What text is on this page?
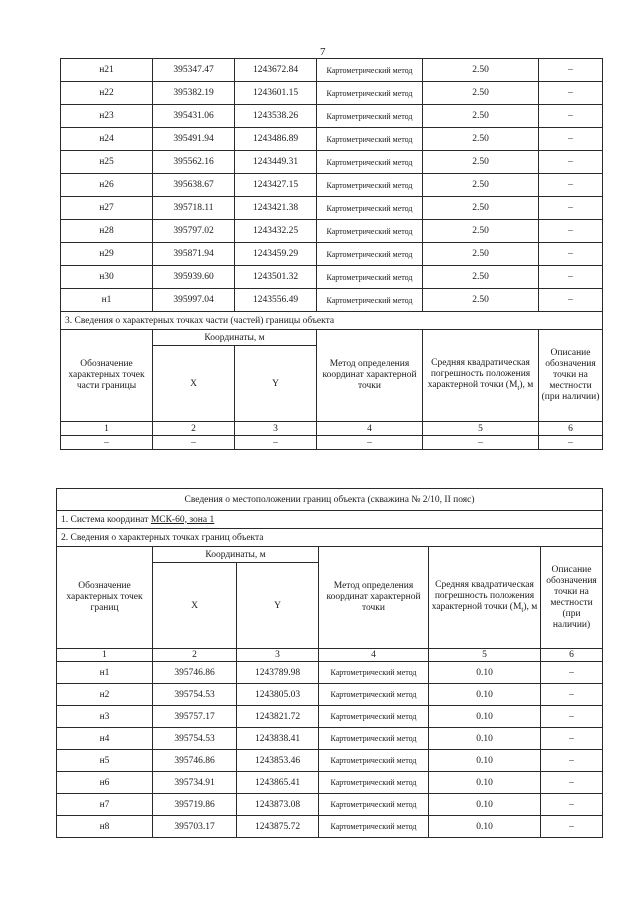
7
н21	395347.47	1243672.84	Картометрический метод	2.50	–
н22	395382.19	1243601.15	Картометрический метод	2.50	–
н23	395431.06	1243538.26	Картометрический метод	2.50	–
н24	395491.94	1243486.89	Картометрический метод	2.50	–
н25	395562.16	1243449.31	Картометрический метод	2.50	–
н26	395638.67	1243427.15	Картометрический метод	2.50	–
н27	395718.11	1243421.38	Картометрический метод	2.50	–
н28	395797.02	1243432.25	Картометрический метод	2.50	–
н29	395871.94	1243459.29	Картометрический метод	2.50	–
н30	395939.60	1243501.32	Картометрический метод	2.50	–
н1	395997.04	1243556.49	Картометрический метод	2.50	–
3. Сведения о характерных точках части (частей) границы объекта					
Обозначение характерных точек части границы	Координаты, м		Метод определения координат характерной точки	Средняя квадратическая погрешность положения характерной точки $(M_t)$, м	Описание обозначения точки на местности (при наличии)
	X	Y			
1	2	3	4	5	6
–	–	–	–	–	–
Сведения о местоположении границ объекта (скважина № 2/10, II пояс)					
1. Система координат МСК-60, зона 1					
2. Сведения о характерных точках границ объекта					
Обозначение характерных точек границ	Координаты, м		Метод определения координат характерной точки	Средняя квадратическая погрешность положения характерной точки $(M_t)$, м	Описание обозначения точки на местности (при наличии)
	X	Y			
1	2	3	4	5	6
н1	395746.86	1243789.98	Картометрический метод	0.10	–
н2	395754.53	1243805.03	Картометрический метод	0.10	–
н3	395757.17	1243821.72	Картометрический метод	0.10	–
н4	395754.53	1243838.41	Картометрический метод	0.10	–
н5	395746.86	1243853.46	Картометрический метод	0.10	–
н6	395734.91	1243865.41	Картометрический метод	0.10	–
н7	395719.86	1243873.08	Картометрический метод	0.10	–
н8	395703.17	1243875.72	Картометрический метод	0.10	–
